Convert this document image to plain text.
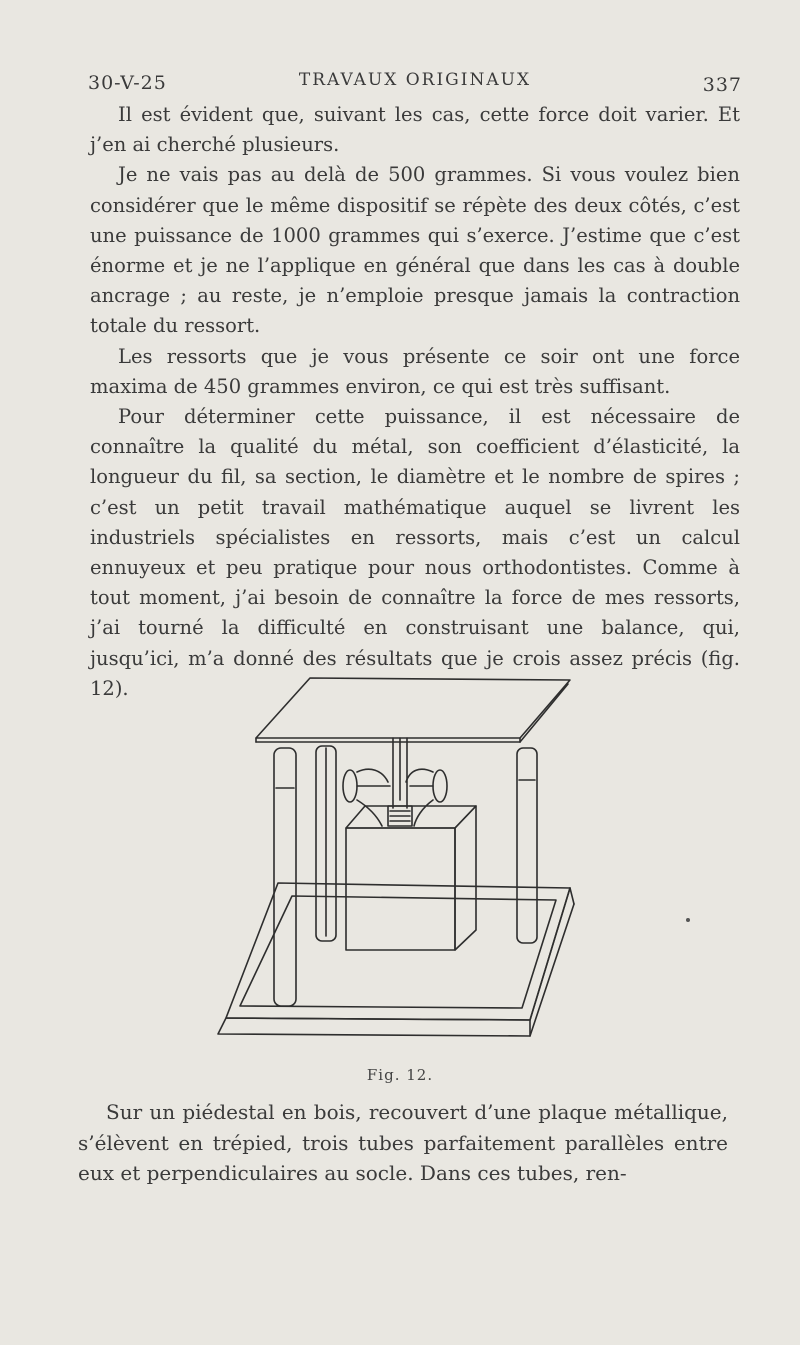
30-V-25	TRAVAUX ORIGINAUX	337

Il est évident que, suivant les cas, cette force doit varier. Et j’en ai cherché plusieurs.

Je ne vais pas au delà de 500 grammes. Si vous voulez bien considérer que le même dispositif se répète des deux côtés, c’est une puissance de 1000 grammes qui s’exerce. J’estime que c’est énorme et je ne l’applique en général que dans les cas à double ancrage ; au reste, je n’emploie presque jamais la contraction totale du ressort.

Les ressorts que je vous présente ce soir ont une force maxima de 450 grammes environ, ce qui est très suffisant.

Pour déterminer cette puissance, il est nécessaire de connaître la qualité du métal, son coefficient d’élasticité, la longueur du fil, sa section, le diamètre et le nombre de spires ; c’est un petit travail mathématique auquel se livrent les industriels spécialistes en ressorts, mais c’est un calcul ennuyeux et peu pratique pour nous orthodontistes. Comme à tout moment, j’ai besoin de connaître la force de mes ressorts, j’ai tourné la difficulté en construisant une balance, qui, jusqu’ici, m’a donné des résultats que je crois assez précis (fig. 12).

Fig. 12.

Sur un piédestal en bois, recouvert d’une plaque métallique, s’élèvent en trépied, trois tubes parfaitement parallèles entre eux et perpendiculaires au socle. Dans ces tubes, ren-
